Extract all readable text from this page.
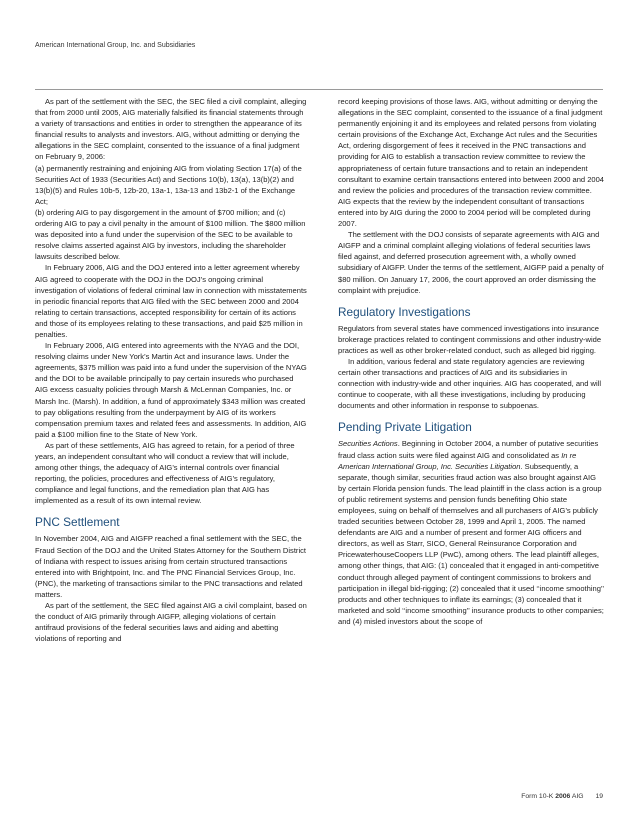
American International Group, Inc. and Subsidiaries

As part of the settlement with the SEC, the SEC filed a civil complaint, alleging that from 2000 until 2005, AIG materially falsified its financial statements through a variety of transactions and entities in order to strengthen the appearance of its financial results to analysts and investors. AIG, without admitting or denying the allegations in the SEC complaint, consented to the issuance of a final judgment on February 9, 2006:

(a) permanently restraining and enjoining AIG from violating Section 17(a) of the Securities Act of 1933 (Securities Act) and Sections 10(b), 13(a), 13(b)(2) and 13(b)(5) and Rules 10b-5, 12b-20, 13a-1, 13a-13 and 13b2-1 of the Exchange Act;

(b) ordering AIG to pay disgorgement in the amount of $700 million; and (c) ordering AIG to pay a civil penalty in the amount of $100 million. The $800 million was deposited into a fund under the supervision of the SEC to be available to resolve claims asserted against AIG by investors, including the shareholder lawsuits described below.

In February 2006, AIG and the DOJ entered into a letter agreement whereby AIG agreed to cooperate with the DOJ in the DOJ’s ongoing criminal investigation of violations of federal criminal law in connection with misstatements in periodic financial reports that AIG filed with the SEC between 2000 and 2004 relating to certain transactions, accepted responsibility for certain of its actions and those of its employees relating to these transactions, and paid $25 million in penalties.

In February 2006, AIG entered into agreements with the NYAG and the DOI, resolving claims under New York’s Martin Act and insurance laws. Under the agreements, $375 million was paid into a fund under the supervision of the NYAG and the DOI to be available principally to pay certain insureds who purchased AIG excess casualty policies through Marsh & McLennan Companies, Inc. or Marsh Inc. (Marsh). In addition, a fund of approximately $343 million was created to pay obligations resulting from the underpayment by AIG of its workers compensation premium taxes and related fees and assessments. In addition, AIG paid a $100 million fine to the State of New York.

As part of these settlements, AIG has agreed to retain, for a period of three years, an independent consultant who will conduct a review that will include, among other things, the adequacy of AIG’s internal controls over financial reporting, the policies, procedures and effectiveness of AIG’s regulatory, compliance and legal functions, and the remediation plan that AIG has implemented as a result of its own internal review.

PNC Settlement

In November 2004, AIG and AIGFP reached a final settlement with the SEC, the Fraud Section of the DOJ and the United States Attorney for the Southern District of Indiana with respect to issues arising from certain structured transactions entered into with Brightpoint, Inc. and The PNC Financial Services Group, Inc. (PNC), the marketing of transactions similar to the PNC transactions and related matters.

As part of the settlement, the SEC filed against AIG a civil complaint, based on the conduct of AIG primarily through AIGFP, alleging violations of certain antifraud provisions of the federal securities laws and aiding and abetting violations of reporting and

record keeping provisions of those laws. AIG, without admitting or denying the allegations in the SEC complaint, consented to the issuance of a final judgment permanently enjoining it and its employees and related persons from violating certain provisions of the Exchange Act, Exchange Act rules and the Securities Act, ordering disgorgement of fees it received in the PNC transactions and providing for AIG to establish a transaction review committee to review the appropriateness of certain future transactions and to retain an independent consultant to examine certain transactions entered into between 2000 and 2004 and review the policies and procedures of the transaction review committee. AIG expects that the review by the independent consultant of transactions entered into by AIG during the 2000 to 2004 period will be completed during 2007.

The settlement with the DOJ consists of separate agreements with AIG and AIGFP and a criminal complaint alleging violations of federal securities laws filed against, and deferred prosecution agreement with, a wholly owned subsidiary of AIGFP. Under the terms of the settlement, AIGFP paid a penalty of $80 million. On January 17, 2006, the court approved an order dismissing the complaint with prejudice.

Regulatory Investigations

Regulators from several states have commenced investigations into insurance brokerage practices related to contingent commissions and other industry-wide practices as well as other broker-related conduct, such as alleged bid rigging.

In addition, various federal and state regulatory agencies are reviewing certain other transactions and practices of AIG and its subsidiaries in connection with industry-wide and other inquiries. AIG has cooperated, and will continue to cooperate, with all these investigations, including by producing documents and other information in response to subpoenas.

Pending Private Litigation

Securities Actions. Beginning in October 2004, a number of putative securities fraud class action suits were filed against AIG and consolidated as In re American International Group, Inc. Securities Litigation. Subsequently, a separate, though similar, securities fraud action was also brought against AIG by certain Florida pension funds. The lead plaintiff in the class action is a group of public retirement systems and pension funds benefiting Ohio state employees, suing on behalf of themselves and all purchasers of AIG’s publicly traded securities between October 28, 1999 and April 1, 2005. The named defendants are AIG and a number of present and former AIG officers and directors, as well as Starr, SICO, General Reinsurance Corporation and PricewaterhouseCoopers LLP (PwC), among others. The lead plaintiff alleges, among other things, that AIG: (1) concealed that it engaged in anti-competitive conduct through alleged payment of contingent commissions to brokers and participation in illegal bid-rigging; (2) concealed that it used ‘‘income smoothing’’ products and other techniques to inflate its earnings; (3) concealed that it marketed and sold ‘‘income smoothing’’ insurance products to other companies; and (4) misled investors about the scope of

Form 10-K 2006 AIG 19
